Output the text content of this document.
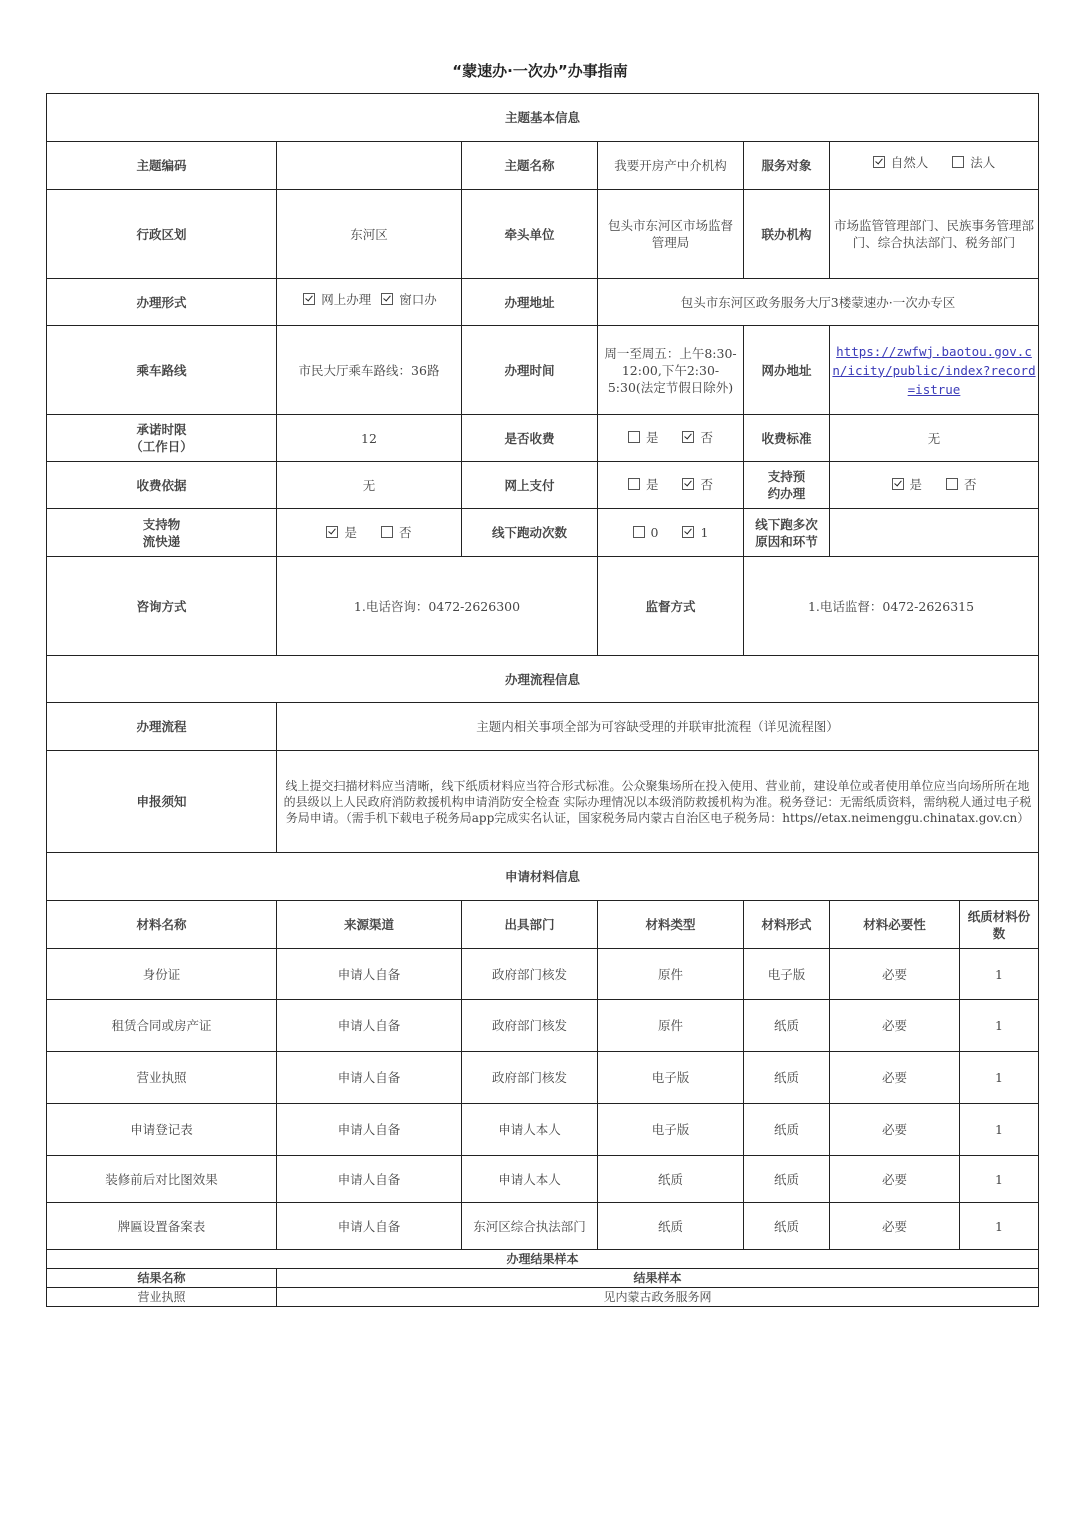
“蒙速办·一次办”办事指南
主题基本信息						
主题编码		主题名称	我要开房产中介机构	服务对象	自然人 法人	
行政区划	东河区	牵头单位	包头市东河区市场监督管理局	联办机构	市场监管管理部门、民族事务管理部门、综合执法部门、税务部门	
办理形式	网上办理 窗口办	办理地址	包头市东河区政务服务大厅3楼蒙速办·一次办专区			
乘车路线	市民大厅乘车路线：36路	办理时间	周一至周五：上午8:30-12:00,下午2:30-5:30(法定节假日除外)	网办地址	https://zwfwj.baotou.gov.cn/icity/public/index?record=istrue	

承诺时限
（工作日）	12	是否收费	是 否	收费标准	无	
收费依据	无	网上支付	是 否	支持预
约办理	是 否	
支持物
流快递	是 否	线下跑动次数	0 1	线下跑多次
原因和环节		
咨询方式	1.电话咨询：0472-2626300		监督方式	1.电话监督：0472-2626315		
办理流程信息						
办理流程	主题内相关事项全部为可容缺受理的并联审批流程（详见流程图）					
申报须知	线上提交扫描材料应当清晰，线下纸质材料应当符合形式标准。公众聚集场所在投入使用、营业前，建设单位或者使用单位应当向场所所在地的县级以上人民政府消防救援机构申请消防安全检查 实际办理情况以本级消防救援机构为准。税务登记：无需纸质资料，需纳税人通过电子税务局申请。（需手机下载电子税务局app完成实名认证，国家税务局内蒙古自治区电子税务局：https//etax.neimenggu.chinatax.gov.cn）					
申请材料信息						
材料名称	来源渠道	出具部门	材料类型	材料形式	材料必要性	纸质材料份数
身份证	申请人自备	政府部门核发	原件	电子版	必要	1
租赁合同或房产证	申请人自备	政府部门核发	原件	纸质	必要	1
营业执照	申请人自备	政府部门核发	电子版	纸质	必要	1
申请登记表	申请人自备	申请人本人	电子版	纸质	必要	1
装修前后对比图效果	申请人自备	申请人本人	纸质	纸质	必要	1
牌匾设置备案表	申请人自备	东河区综合执法部门	纸质	纸质	必要	1
办理结果样本						
结果名称	结果样本					
营业执照	见内蒙古政务服务网					
